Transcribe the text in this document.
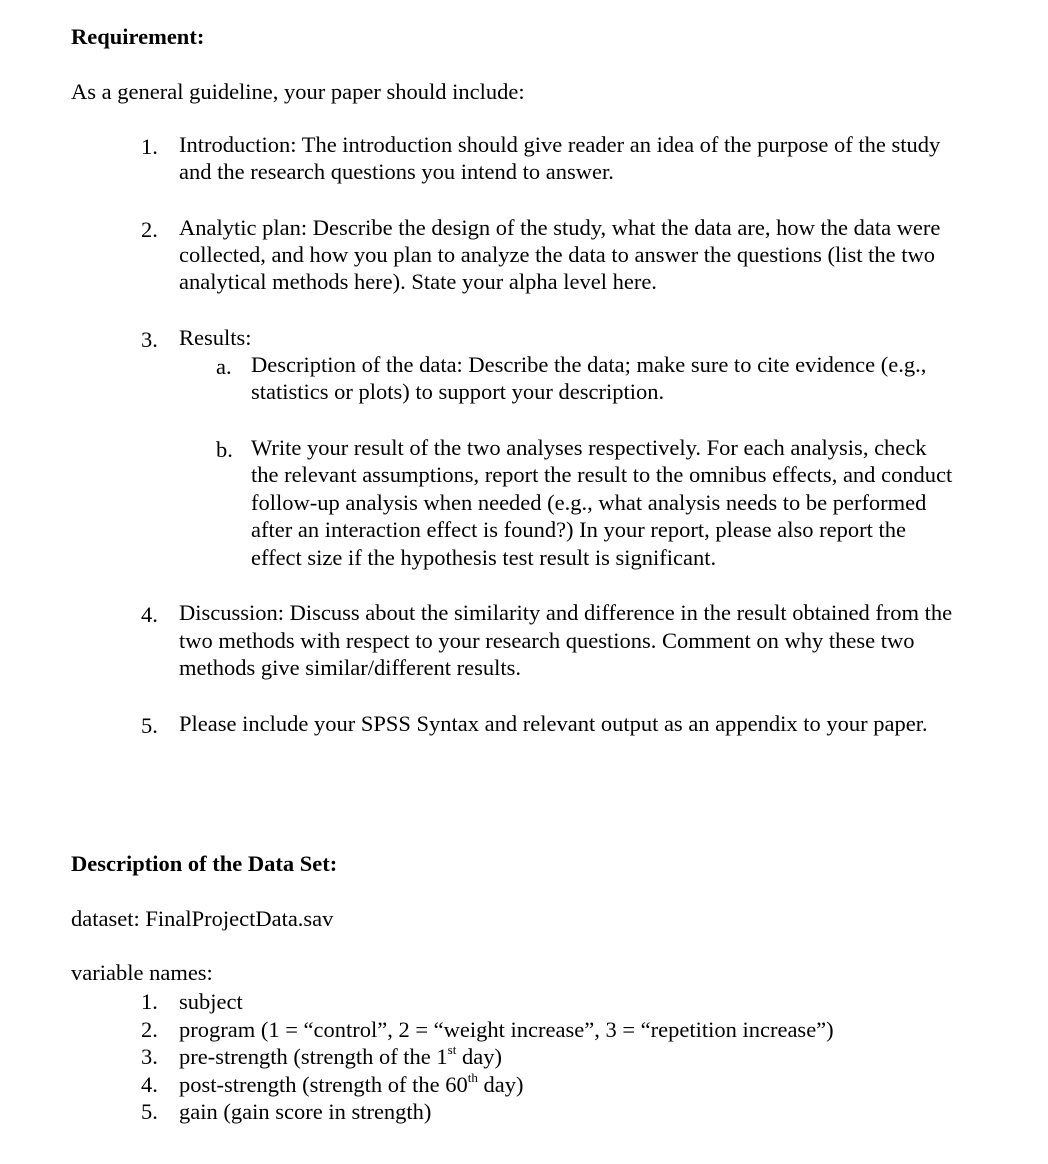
Requirement:
As a general guideline, your paper should include:
1. Introduction: The introduction should give reader an idea of the purpose of the study
and the research questions you intend to answer.
2. Analytic plan: Describe the design of the study, what the data are, how the data were
collected, and how you plan to analyze the data to answer the questions (list the two
analytical methods here). State your alpha level here.
3. Results:
a. Description of the data: Describe the data; make sure to cite evidence (e.g.,
statistics or plots) to support your description.
b. Write your result of the two analyses respectively. For each analysis, check
the relevant assumptions, report the result to the omnibus effects, and conduct
follow-up analysis when needed (e.g., what analysis needs to be performed
after an interaction effect is found?) In your report, please also report the
effect size if the hypothesis test result is significant.
4. Discussion: Discuss about the similarity and difference in the result obtained from the
two methods with respect to your research questions. Comment on why these two
methods give similar/different results.
5. Please include your SPSS Syntax and relevant output as an appendix to your paper.
Description of the Data Set:
dataset: FinalProjectData.sav
variable names:
1. subject
2. program (1 = “control”, 2 = “weight increase”, 3 = “repetition increase”)
3. pre-strength (strength of the 1st day)
4. post-strength (strength of the 60th day)
5. gain (gain score in strength)
